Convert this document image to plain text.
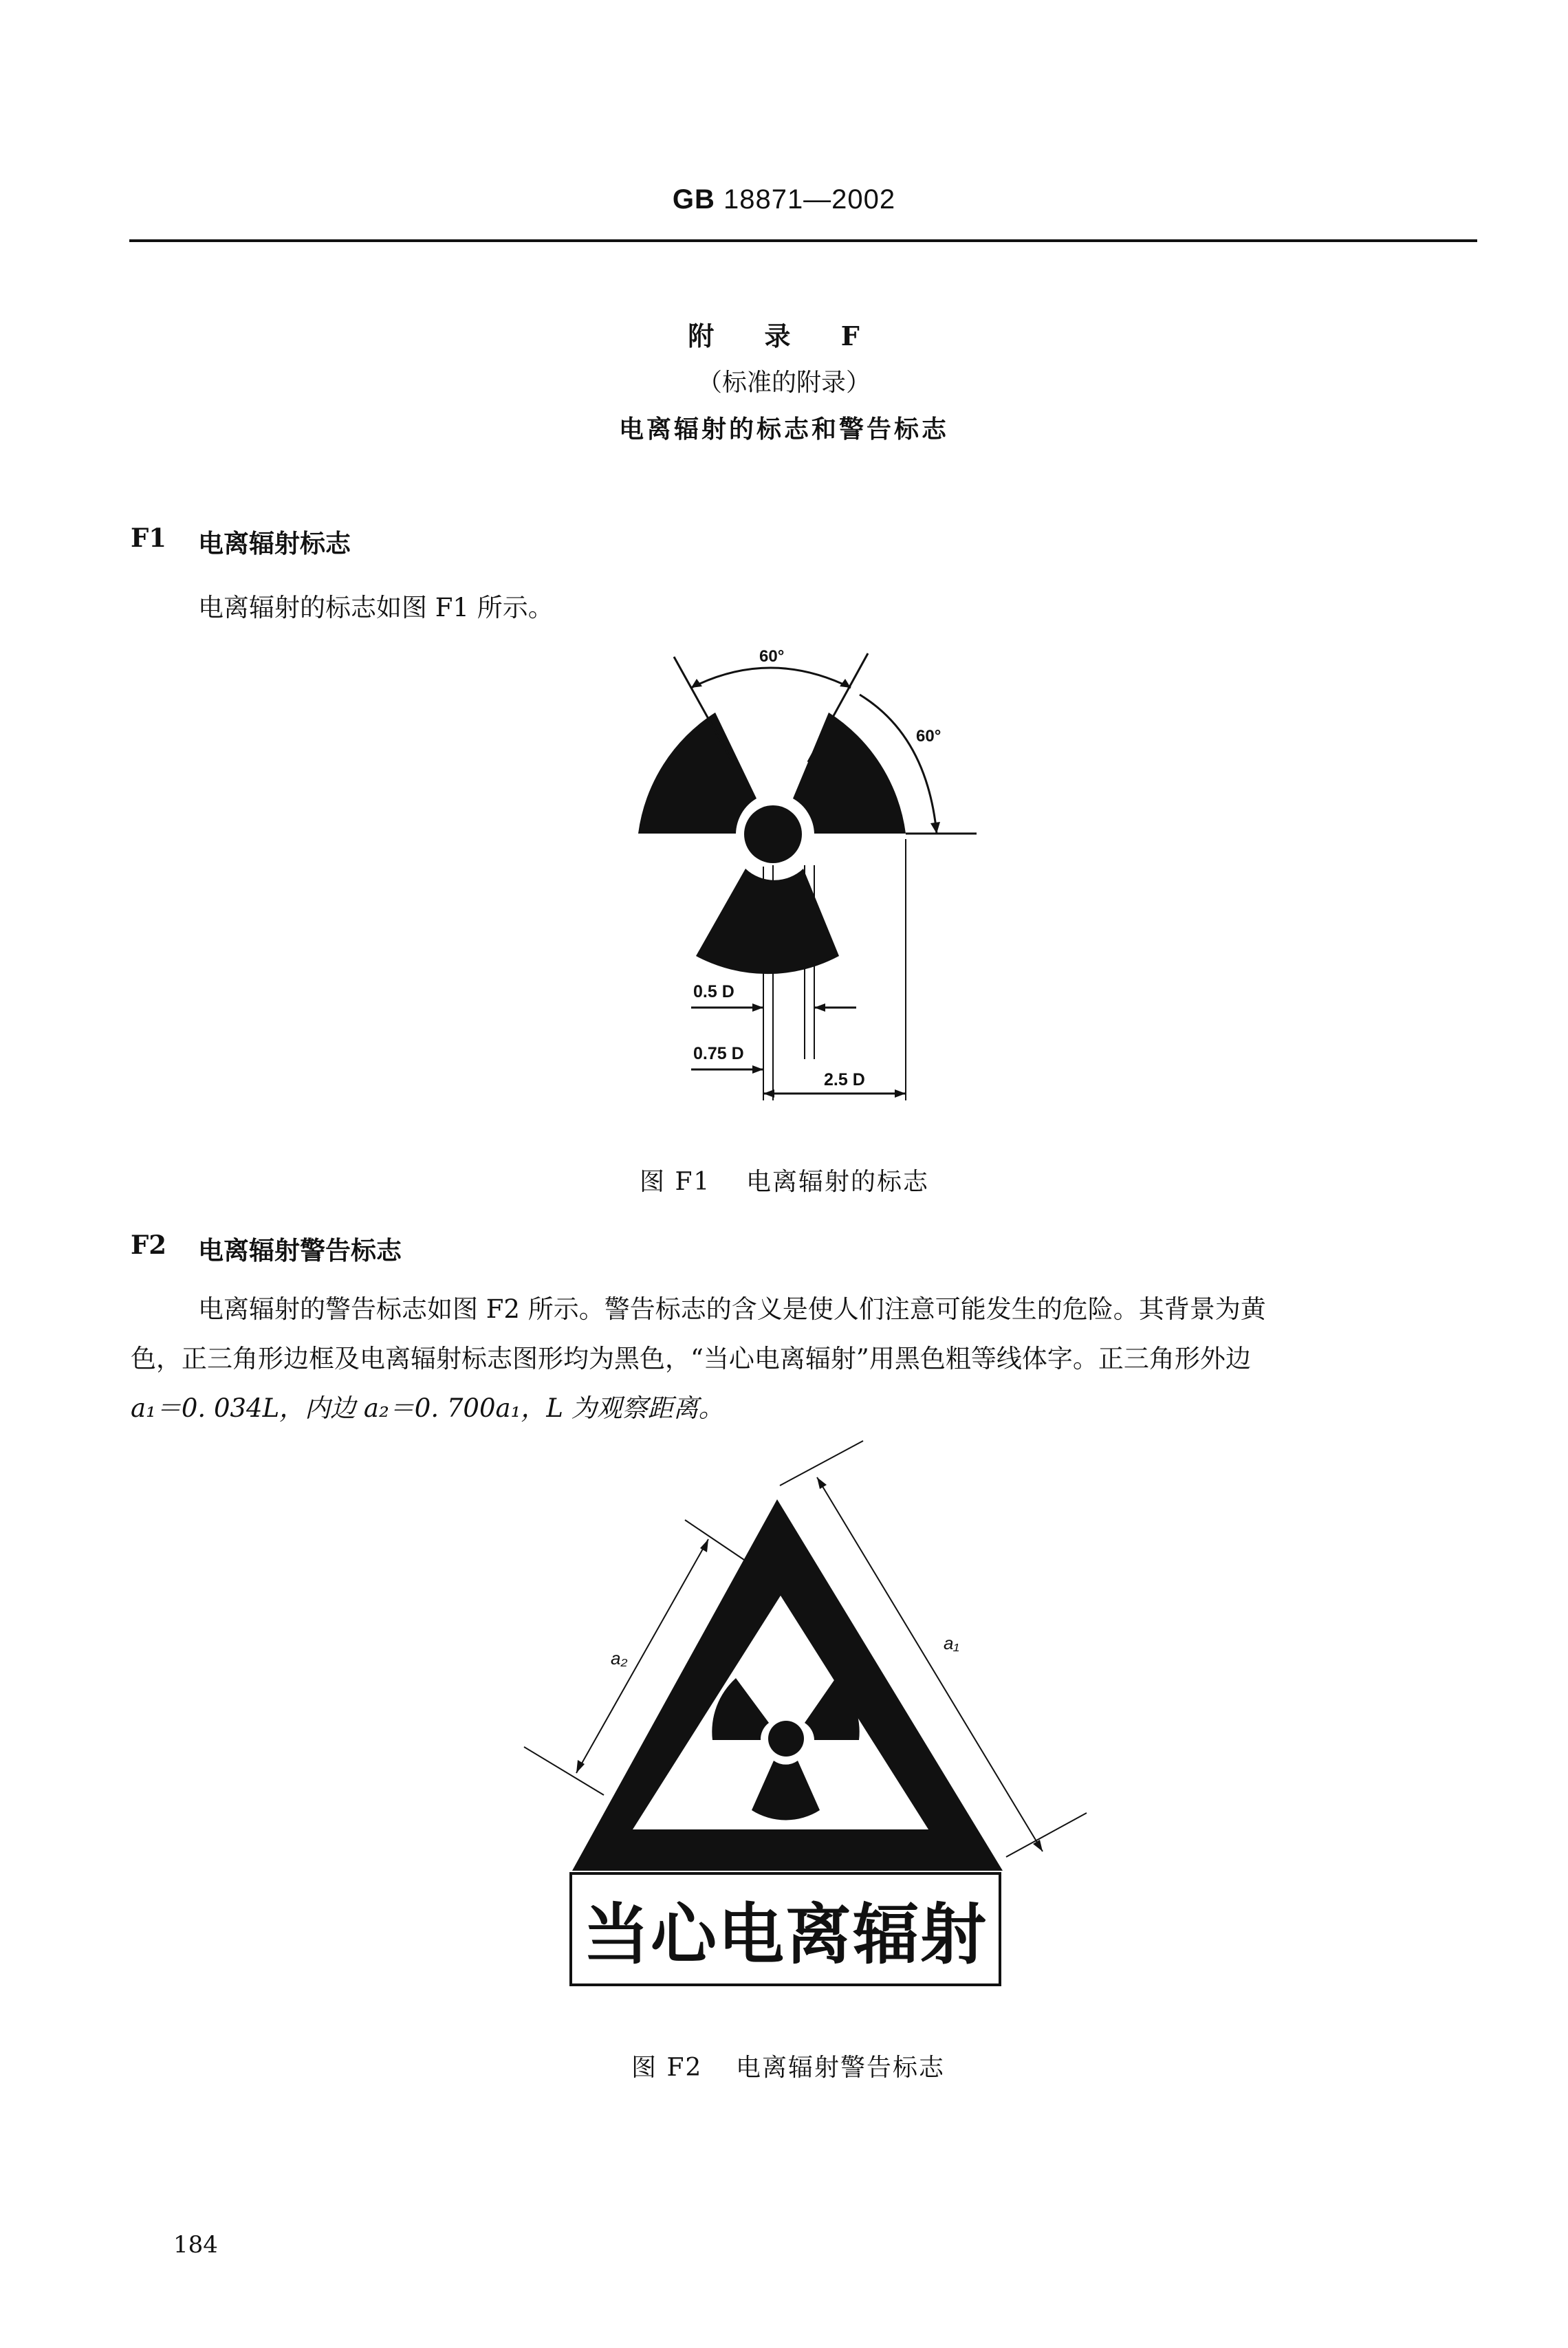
GB 18871—2002
附 录 F
（标准的附录）
电离辐射的标志和警告标志
F1 电离辐射标志
电离辐射的标志如图 F1 所示。
60°
60°
0.5 D
0.75 D
2.5 D
图 F1 电离辐射的标志
F2 电离辐射警告标志
电离辐射的警告标志如图 F2 所示。警告标志的含义是使人们注意可能发生的危险。其背景为黄
色，正三角形边框及电离辐射标志图形均为黑色，“当心电离辐射”用黑色粗等线体字。正三角形外边
a₁＝0. 034L，内边 a₂＝0. 700a₁，L 为观察距离。
a₁
a₂
当心电离辐射
图 F2 电离辐射警告标志
184
